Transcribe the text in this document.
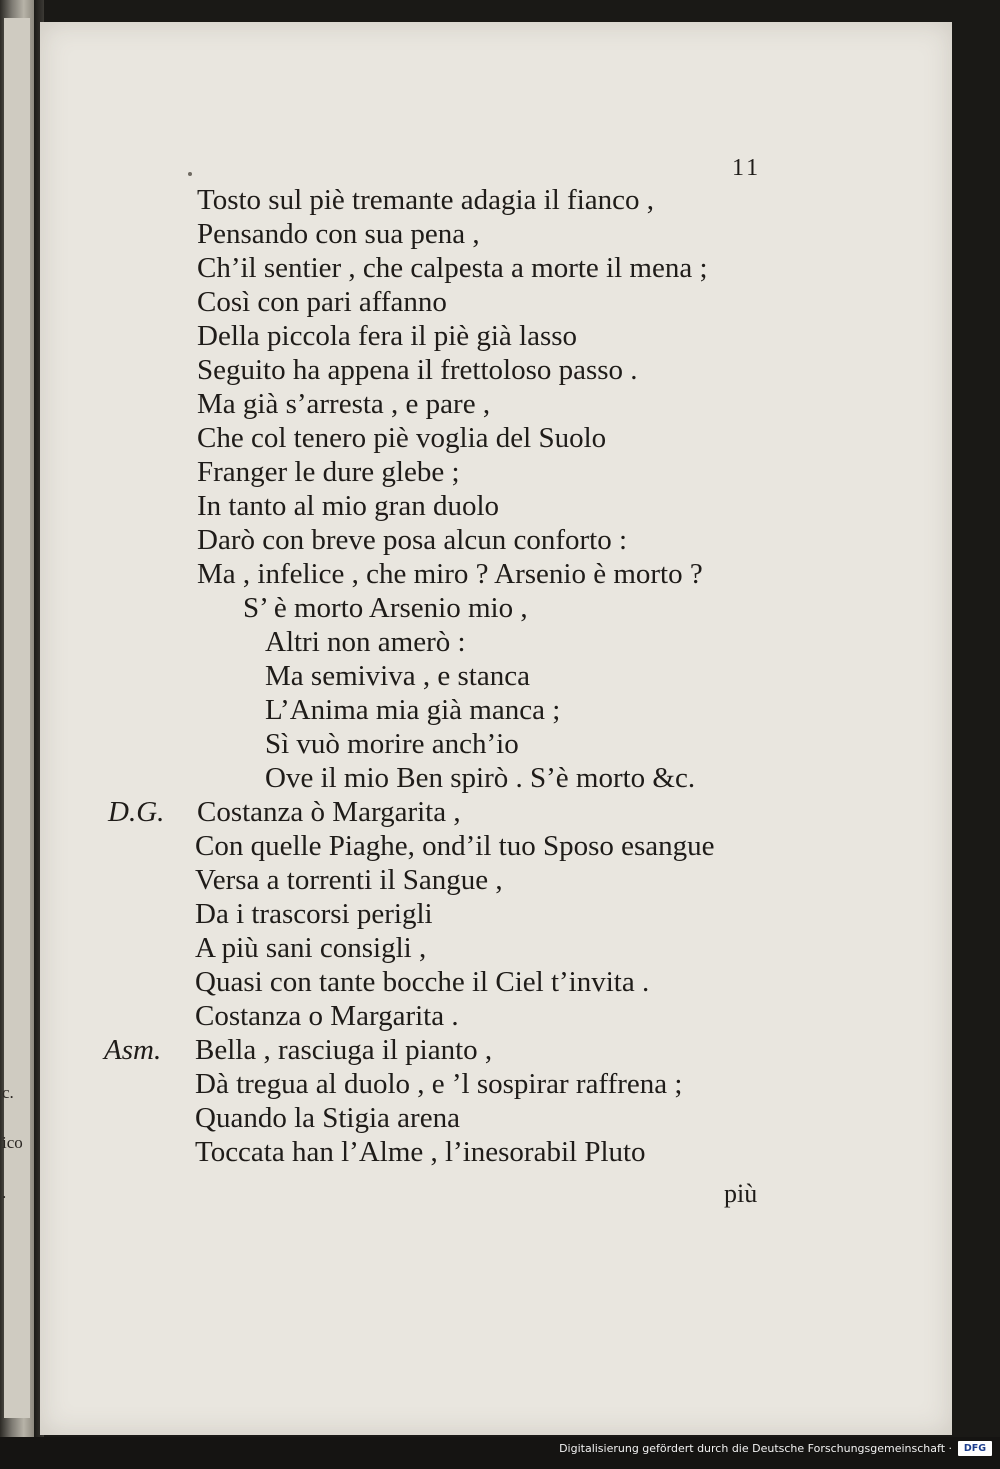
c.
ico
.
11
Tosto sul piè tremante adagia il fianco ,
Pensando con sua pena ,
Ch’il sentier , che calpesta a morte il mena ;
Così con pari affanno
Della piccola fera il piè già lasso
Seguito ha appena il frettoloso passo .
Ma già s’arresta , e pare ,
Che col tenero piè voglia del Suolo
Franger le dure glebe ;
In tanto al mio gran duolo
Darò con breve posa alcun conforto :
Ma , infelice , che miro ? Arsenio è morto ?
S’ è morto Arsenio mio ,
Altri non amerò :
Ma semiviva , e stanca
L’Anima mia già manca ;
Sì vuò morire anch’io
Ove il mio Ben spirò . S’è morto &c.
D.G. Costanza ò Margarita ,
Con quelle Piaghe, ond’il tuo Sposo esangue
Versa a torrenti il Sangue ,
Da i trascorsi perigli
A più sani consigli ,
Quasi con tante bocche il Ciel t’invita .
Costanza o Margarita .
Asm. Bella , rasciuga il pianto ,
Dà tregua al duolo , e ’l sospirar raffrena ;
Quando la Stigia arena
Toccata han l’Alme , l’inesorabil Pluto
più
Digitalisierung gefördert durch die Deutsche Forschungsgemeinschaft ·	DFG
